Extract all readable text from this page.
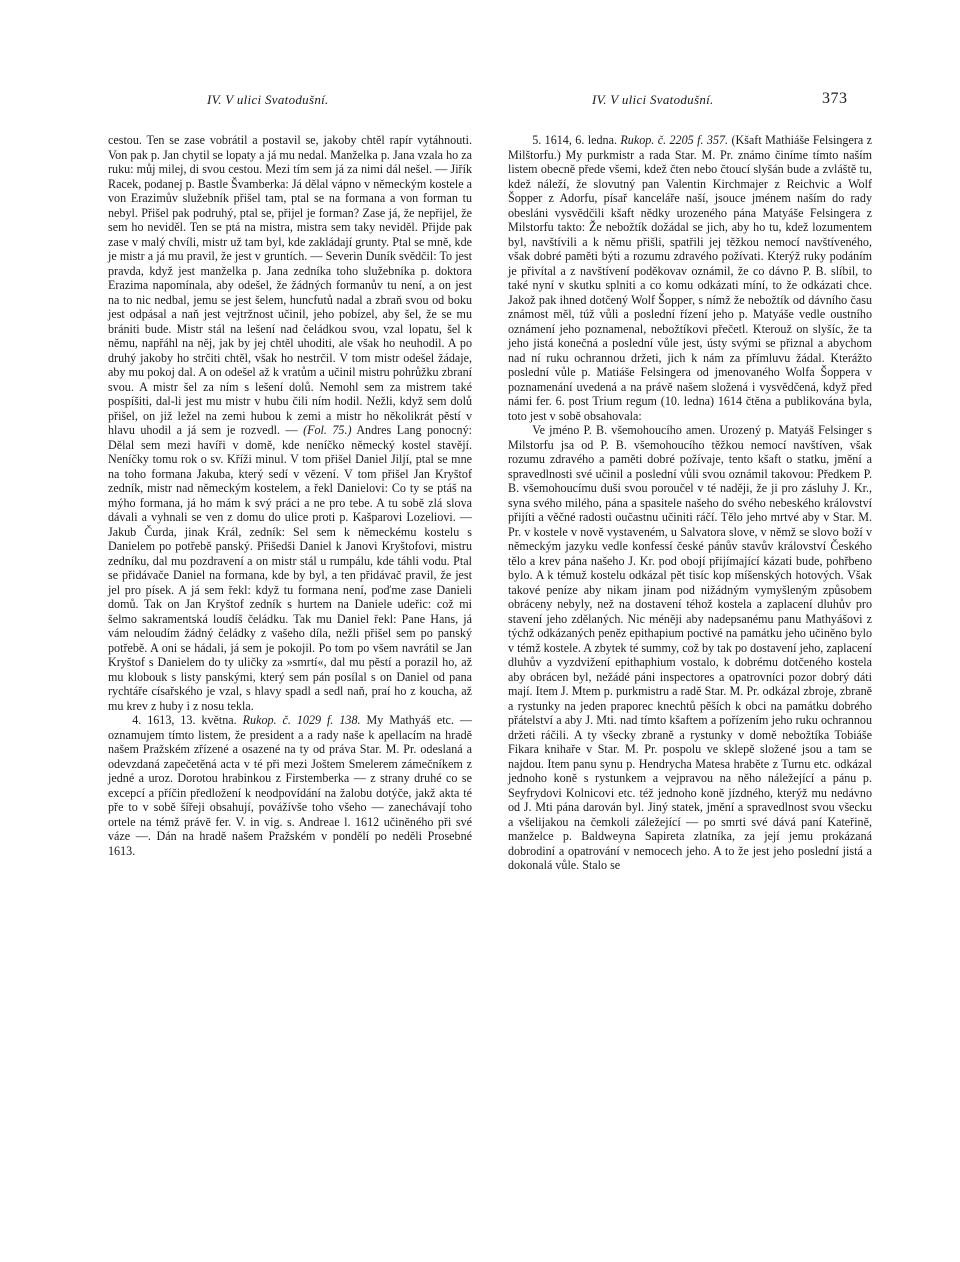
IV. V ulici Svatodušní.	IV. V ulici Svatodušní.	373

cestou. Ten se zase vobrátil a postavil se, jakoby chtěl rapír vytáhnouti. Von pak p. Jan chytil se lopaty a já mu nedal. Manželka p. Jana vzala ho za ruku: můj milej, di svou cestou. Mezi tím sem já za nimi dál nešel. — Jiřík Racek, podanej p. Bastle Švamberka: Já dělal vápno v německým kostele a von Erazimův služebník přišel tam, ptal se na formana a von forman tu nebyl. Přišel pak podruhý, ptal se, přijel je forman? Zase já, že nepřijel, že sem ho neviděl. Ten se ptá na mistra, mistra sem taky neviděl. Přijde pak zase v malý chvíli, mistr už tam byl, kde zakládají grunty. Ptal se mně, kde je mistr a já mu pravil, že jest v gruntích. — Severin Duník svědčil: To jest pravda, když jest manželka p. Jana zedníka toho služebníka p. doktora Erazima napomínala, aby odešel, že žádných formanův tu není, a on jest na to nic nedbal, jemu se jest šelem, huncfutů nadal a zbraň svou od boku jest odpásal a naň jest vejtržnost učinil, jeho pobízel, aby šel, že se mu brániti bude. Mistr stál na lešení nad čeládkou svou, vzal lopatu, šel k němu, napřáhl na něj, jak by jej chtěl uhoditi, ale však ho neuhodil. A po druhý jakoby ho strčiti chtěl, však ho nestrčil. V tom mistr odešel žádaje, aby mu pokoj dal. A on odešel až k vratům a učinil mistru pohrůžku zbraní svou. A mistr šel za ním s lešení dolů. Nemohl sem za mistrem také pospíšiti, dal-li jest mu mistr v hubu čili ním hodil. Nežli, když sem dolů přišel, on již ležel na zemi hubou k zemi a mistr ho několikrát pěstí v hlavu uhodil a já sem je rozvedl. — (Fol. 75.) Andres Lang ponocný: Dělal sem mezi havíři v domě, kde neníčko německý kostel stavějí. Neníčky tomu rok o sv. Kříži minul. V tom přišel Daniel Jiljí, ptal se mne na toho formana Jakuba, který sedí v vězení. V tom přišel Jan Kryštof zedník, mistr nad německým kostelem, a řekl Danielovi: Co ty se ptáš na mýho formana, já ho mám k svý práci a ne pro tebe. A tu sobě zlá slova dávali a vyhnali se ven z domu do ulice proti p. Kašparovi Lozeliovi. — Jakub Čurda, jinak Král, zedník: Sel sem k německému kostelu s Danielem po potřebě panský. Přišedši Daniel k Janovi Kryštofovi, mistru zedníku, dal mu pozdravení a on mistr stál u rumpálu, kde táhli vodu. Ptal se přidávače Daniel na formana, kde by byl, a ten přidávač pravil, že jest jel pro písek. A já sem řekl: když tu formana není, poďme zase Danieli domů. Tak on Jan Kryštof zedník s hurtem na Daniele udeřic: což mi šelmo sakramentská loudíš čeládku. Tak mu Daniel řekl: Pane Hans, já vám neloudím žádný čeládky z vašeho díla, nežli přišel sem po panský potřebě. A oni se hádali, já sem je pokojil. Po tom po všem navrátil se Jan Kryštof s Danielem do ty uličky za »smrtí«, dal mu pěstí a porazil ho, až mu klobouk s listy panskými, který sem pán posílal s on Daniel od pana rychtáře císařského je vzal, s hlavy spadl a sedl naň, praí ho z koucha, až mu krev z huby i z nosu tekla.

4. 1613, 13. května. Rukop. č. 1029 f. 138. My Mathyáš etc. — oznamujem tímto listem, že president a a rady naše k apellacím na hradě našem Pražském zřízené a osazené na ty od práva Star. M. Pr. odeslaná a odevzdaná zapečetěná acta v té při mezi Joštem Smelerem zámečníkem z jedné a uroz. Dorotou hrabinkou z Firstemberka — z strany druhé co se excepcí a příčin předložení k neodpovídání na žalobu dotýče, jakž akta té pře to v sobě šířeji obsahují, povážívše toho všeho — zanechávají toho ortele na témž právě fer. V. in vig. s. Andreae l. 1612 učiněného při své váze —. Dán na hradě našem Pražském v pondělí po neděli Prosebné 1613.

5. 1614, 6. ledna. Rukop. č. 2205 f. 357. (Kšaft Mathiáše Felsingera z Milštorfu.) My purkmistr a rada Star. M. Pr. známo činíme tímto naším listem obecně přede všemi, kdež čten nebo čtoucí slyšán bude a zvláště tu, kdež náleží, že slovutný pan Valentin Kirchmajer z Reichvic a Wolf Šopper z Adorfu, písař kanceláře naší, jsouce jménem naším do rady obesláni vysvědčili kšaft nědky urozeného pána Matyáše Felsingera z Milstorfu takto: Že nebožtík dožádal se jich, aby ho tu, kdež lozumentem byl, navštívili a k němu přišli, spatřili jej těžkou nemocí navštíveného, však dobré paměti býti a rozumu zdravého požívati. Kterýž ruky podáním je přivítal a z navštívení poděkovav oznámil, že co dávno P. B. slíbil, to také nyní v skutku splniti a co komu odkázati míní, to že odkázati chce. Jakož pak ihned dotčený Wolf Šopper, s nímž že nebožtík od dávního času známost měl, túž vůli a poslední řízení jeho p. Matyáše vedle oustního oznámení jeho poznamenal, nebožtíkovi přečetl. Kterouž on slyšíc, že ta jeho jistá konečná a poslední vůle jest, ústy svými se přiznal a abychom nad ní ruku ochrannou držeti, jich k nám za přímluvu žádal. Kterážto poslední vůle p. Matiáše Felsingera od jmenovaného Wolfa Šoppera v poznamenání uvedená a na právě našem složená i vysvědčená, když před námi fer. 6. post Trium regum (10. ledna) 1614 čtěna a publikována byla, toto jest v sobě obsahovala:

Ve jméno P. B. všemohoucího amen. Urozený p. Matyáš Felsinger s Milstorfu jsa od P. B. všemohoucího těžkou nemocí navštíven, však rozumu zdravého a paměti dobré požívaje, tento kšaft o statku, jmění a spravedlnosti své učinil a poslední vůli svou oznámil takovou: Předkem P. B. všemohoucímu duši svou poroučel v té naději, že ji pro zásluhy J. Kr., syna svého milého, pána a spasitele našeho do svého nebeského království přijíti a věčné radosti oučastnu učiniti ráčí. Tělo jeho mrtvé aby v Star. M. Pr. v kostele v nově vystaveném, u Salvatora slove, v němž se slovo boží v německým jazyku vedle konfessí české pánův stavův království Českého tělo a krev pána našeho J. Kr. pod obojí přijímající kázati bude, pohřbeno bylo. A k témuž kostelu odkázal pět tisíc kop míšenských hotových. Však takové peníze aby nikam jinam pod nižádným vymyšleným způsobem obráceny nebyly, než na dostavení téhož kostela a zaplacení dluhův pro stavení jeho zdělaných. Nic méněji aby nadepsanému panu Mathyášovi z týchž odkázaných peněz epithapium poctivé na památku jeho učiněno bylo v témž kostele. A zbytek té summy, což by tak po dostavení jeho, zaplacení dluhův a vyzdvižení epithaphium vostalo, k dobrému dotčeného kostela aby obrácen byl, nežádé páni inspectores a opatrovníci pozor dobrý dáti mají. Item J. Mtem p. purkmistru a radě Star. M. Pr. odkázal zbroje, zbraně a rystunky na jeden praporec knechtů pěších k obci na památku dobrého přátelství a aby J. Mti. nad tímto kšaftem a pořízením jeho ruku ochrannou držeti ráčili. A ty všecky zbraně a rystunky v domě nebožtíka Tobiáše Fikara knihaře v Star. M. Pr. pospolu ve sklepě složené jsou a tam se najdou. Item panu synu p. Hendrycha Matesa hraběte z Turnu etc. odkázal jednoho koně s rystunkem a vejpravou na něho náležející a pánu p. Seyfrydovi Kolnicovi etc. též jednoho koně jízdného, kterýž mu nedávno od J. Mti pána darován byl. Jiný statek, jmění a spravedlnost svou všecku a všelijakou na čemkoli záležející — po smrti své dává paní Kateřině, manželce p. Baldweyna Sapireta zlatníka, za její jemu prokázaná dobrodiní a opatrování v nemocech jeho. A to že jest jeho poslední jistá a dokonalá vůle. Stalo se
